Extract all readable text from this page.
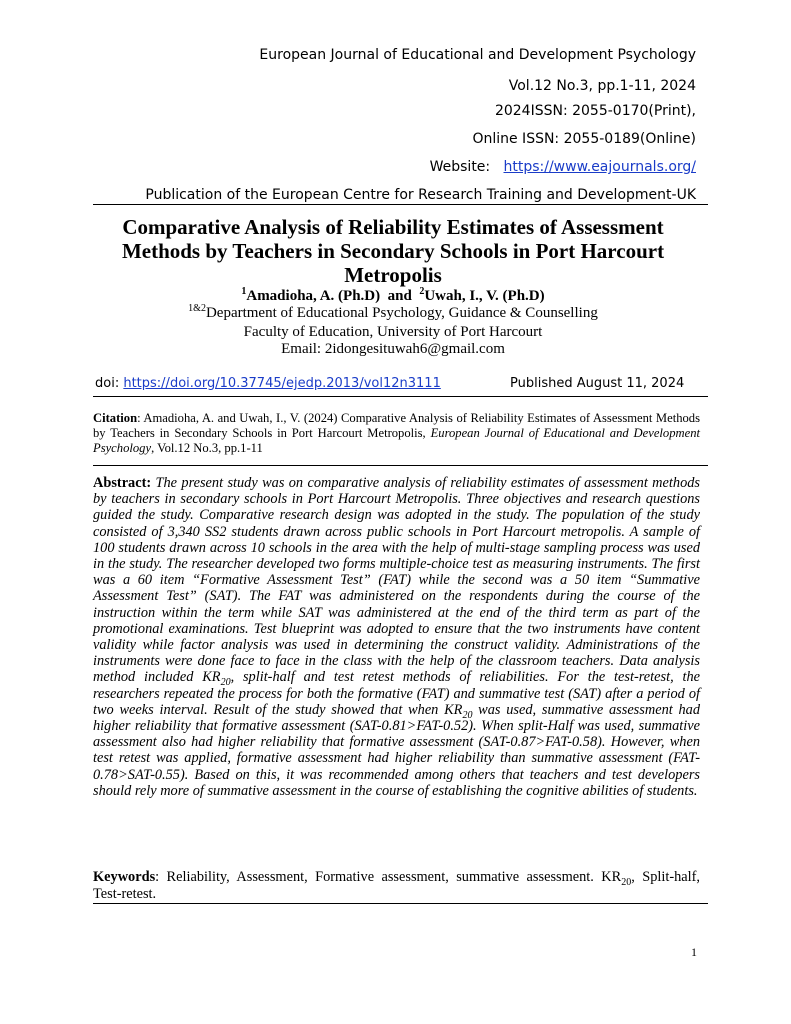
European Journal of Educational and Development Psychology
Vol.12 No.3, pp.1-11, 2024
2024ISSN: 2055-0170(Print),
Online ISSN: 2055-0189(Online)
Website: https://www.eajournals.org/
Publication of the European Centre for Research Training and Development-UK
Comparative Analysis of Reliability Estimates of Assessment Methods by Teachers in Secondary Schools in Port Harcourt Metropolis
$^1$Amadioha, A. (Ph.D) and $^2$Uwah, I., V. (Ph.D)
$^{1\&2}$Department of Educational Psychology, Guidance & Counselling
Faculty of Education, University of Port Harcourt
Email: 2idongesituwah6@gmail.com
doi: https://doi.org/10.37745/ejedp.2013/vol12n3111	Published August 11, 2024
Citation: Amadioha, A. and Uwah, I., V. (2024) Comparative Analysis of Reliability Estimates of Assessment Methods by Teachers in Secondary Schools in Port Harcourt Metropolis, European Journal of Educational and Development Psychology, Vol.12 No.3, pp.1-11
Abstract: The present study was on comparative analysis of reliability estimates of assessment methods by teachers in secondary schools in Port Harcourt Metropolis. Three objectives and research questions guided the study. Comparative research design was adopted in the study. The population of the study consisted of 3,340 SS2 students drawn across public schools in Port Harcourt metropolis. A sample of 100 students drawn across 10 schools in the area with the help of multi-stage sampling process was used in the study. The researcher developed two forms multiple-choice test as measuring instruments. The first was a 60 item “Formative Assessment Test” (FAT) while the second was a 50 item “Summative Assessment Test” (SAT). The FAT was administered on the respondents during the course of the instruction within the term while SAT was administered at the end of the third term as part of the promotional examinations. Test blueprint was adopted to ensure that the two instruments have content validity while factor analysis was used in determining the construct validity. Administrations of the instruments were done face to face in the class with the help of the classroom teachers. Data analysis method included $KR_{20}$, split-half and test retest methods of reliabilities. For the test-retest, the researchers repeated the process for both the formative (FAT) and summative test (SAT) after a period of two weeks interval. Result of the study showed that when $KR_{20}$ was used, summative assessment had higher reliability that formative assessment (SAT-0.81>FAT-0.52). When split-Half was used, summative assessment also had higher reliability that formative assessment (SAT-0.87>FAT-0.58). However, when test retest was applied, formative assessment had higher reliability than summative assessment (FAT-0.78>SAT-0.55). Based on this, it was recommended among others that teachers and test developers should rely more of summative assessment in the course of establishing the cognitive abilities of students.
Keywords: Reliability, Assessment, Formative assessment, summative assessment. $KR_{20}$, Split-half, Test-retest.
1
